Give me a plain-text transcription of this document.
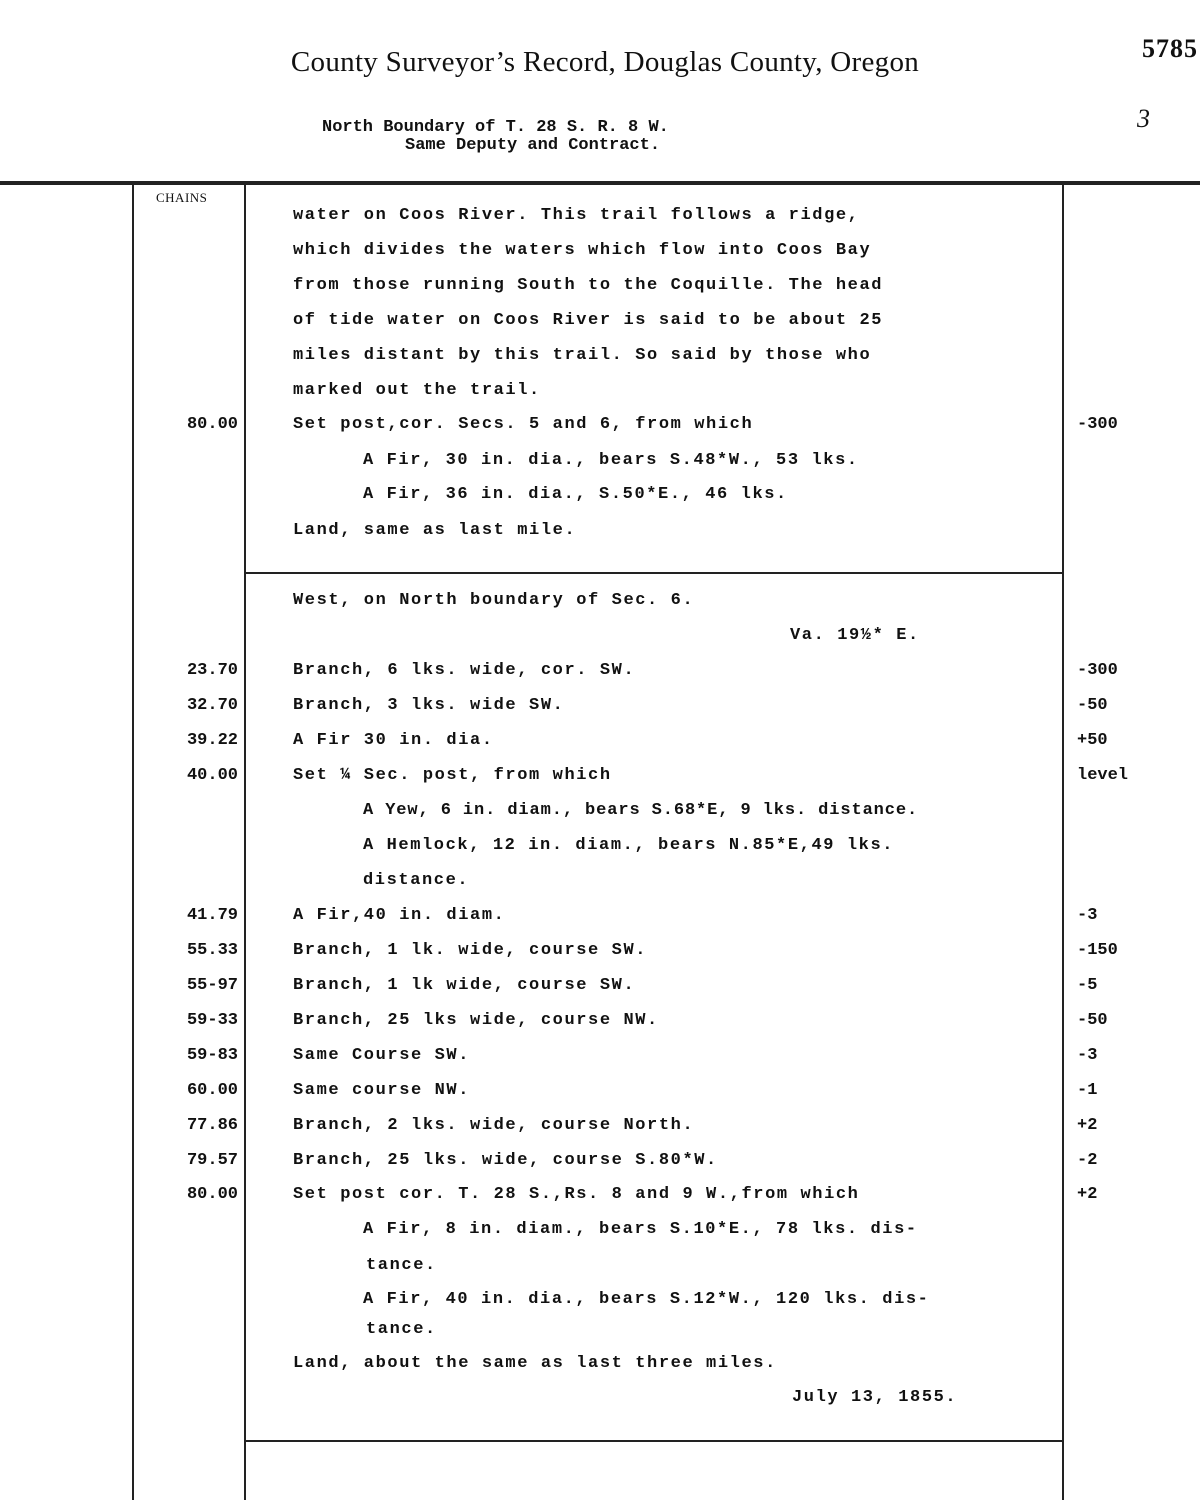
County Surveyor’s Record, Douglas County, Oregon	5785
3
North Boundary of T. 28 S. R. 8 W.
Same Deputy and Contract.
CHAINS
water on Coos River. This trail follows a ridge,
which divides the waters which flow into Coos Bay
from those running South to the Coquille. The head
of tide water on Coos River is said to be about 25
miles distant by this trail. So said by those who
marked out the trail.
80.00	Set post,cor. Secs. 5 and 6, from which	-300
A Fir, 30 in. dia., bears S.48*W., 53 lks.
A Fir, 36 in. dia., S.50*E., 46 lks.
Land, same as last mile.
West, on North boundary of Sec. 6.
Va. 19½* E.
23.70	Branch, 6 lks. wide, cor. SW.	-300
32.70	Branch, 3 lks. wide SW.	-50
39.22	A Fir 30 in. dia.	+50
40.00	Set ¼ Sec. post, from which	level
A Yew, 6 in. diam., bears S.68*E, 9 lks. distance.
A Hemlock, 12 in. diam., bears N.85*E,49 lks.
distance.
41.79	A Fir,40 in. diam.	-3
55.33	Branch, 1 lk. wide, course SW.	-150
55-97	Branch, 1 lk wide, course SW.	-5
59-33	Branch, 25 lks wide, course NW.	-50
59-83	Same Course SW.	-3
60.00	Same course NW.	-1
77.86	Branch, 2 lks. wide, course North.	+2
79.57	Branch, 25 lks. wide, course S.80*W.	-2
80.00	Set post cor. T. 28 S.,Rs. 8 and 9 W.,from which	+2
A Fir, 8 in. diam., bears S.10*E., 78 lks. dis-
tance.
A Fir, 40 in. dia., bears S.12*W., 120 lks. dis-
tance.
Land, about the same as last three miles.
July 13, 1855.
